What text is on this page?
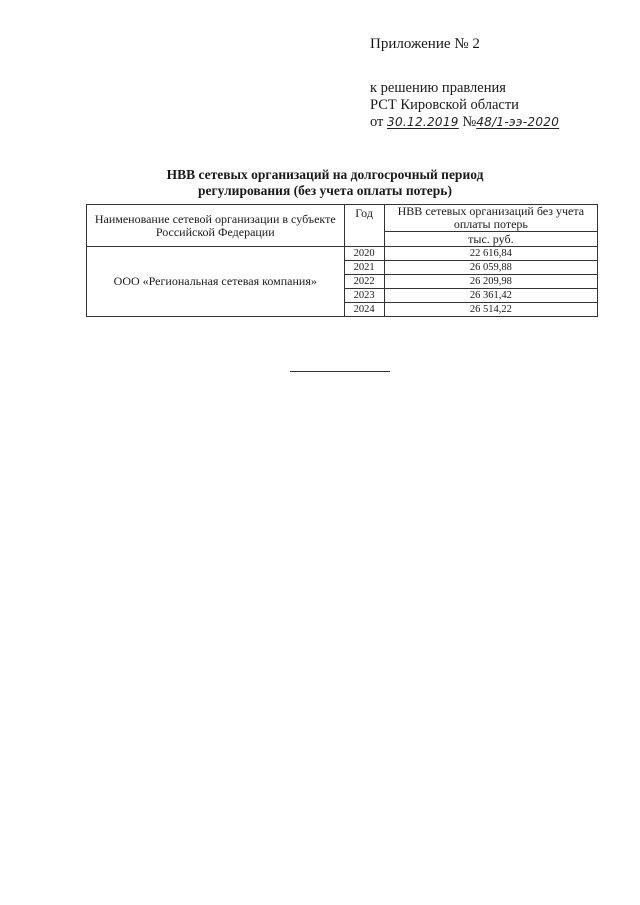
Приложение № 2
к решению правления
РСТ Кировской области
от 30.12.2019 №48/1-ээ-2020
НВВ сетевых организаций на долгосрочный период
регулирования (без учета оплаты потерь)
Наименование сетевой организации в субъекте Российской Федерации	Год	НВВ сетевых организаций без учета оплаты потерь
		тыс. руб.
ООО «Региональная сетевая компания»	2020	22 616,84
	2021	26 059,88
	2022	26 209,98
	2023	26 361,42
	2024	26 514,22
